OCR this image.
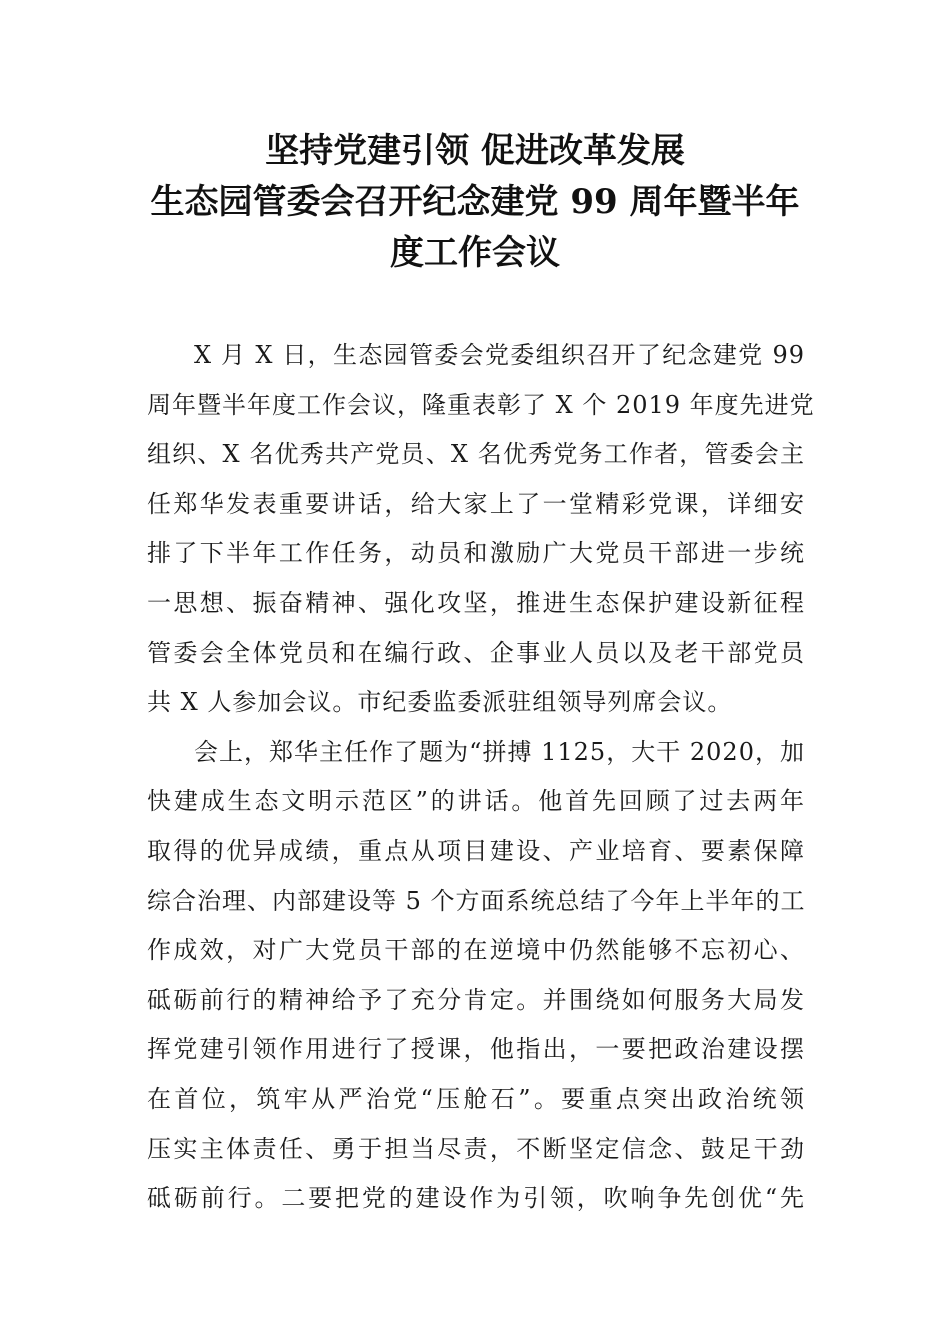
坚持党建引领 促进改革发展
生态园管委会召开纪念建党 99 周年暨半年
度工作会议
X 月 X 日，生态园管委会党委组织召开了纪念建党 99
周年暨半年度工作会议，隆重表彰了 X 个 2019 年度先进党
组织、X 名优秀共产党员、X 名优秀党务工作者，管委会主
任郑华发表重要讲话，给大家上了一堂精彩党课，详细安
排了下半年工作任务，动员和激励广大党员干部进一步统
一思想、振奋精神、强化攻坚，推进生态保护建设新征程
管委会全体党员和在编行政、企事业人员以及老干部党员
共 X 人参加会议。市纪委监委派驻组领导列席会议。
会上，郑华主任作了题为“拼搏 1125，大干 2020，加
快建成生态文明示范区”的讲话。他首先回顾了过去两年
取得的优异成绩，重点从项目建设、产业培育、要素保障
综合治理、内部建设等 5 个方面系统总结了今年上半年的工
作成效，对广大党员干部的在逆境中仍然能够不忘初心、
砥砺前行的精神给予了充分肯定。并围绕如何服务大局发
挥党建引领作用进行了授课，他指出，一要把政治建设摆
在首位，筑牢从严治党“压舱石”。要重点突出政治统领
压实主体责任、勇于担当尽责，不断坚定信念、鼓足干劲
砥砺前行。二要把党的建设作为引领，吹响争先创优“先
